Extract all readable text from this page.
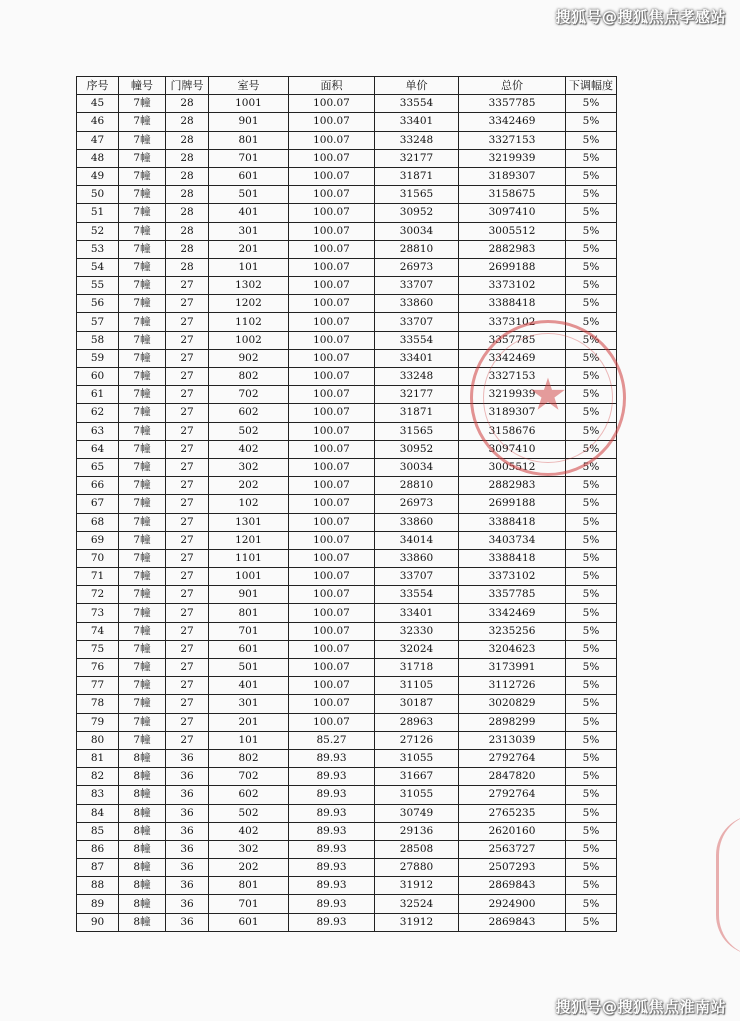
搜狐号@搜狐焦点孝感站
序号	幢号	门牌号	室号	面积	单价	总价	下调幅度
45	7幢	28	1001	100.07	33554	3357785	5%
46	7幢	28	901	100.07	33401	3342469	5%
47	7幢	28	801	100.07	33248	3327153	5%
48	7幢	28	701	100.07	32177	3219939	5%
49	7幢	28	601	100.07	31871	3189307	5%
50	7幢	28	501	100.07	31565	3158675	5%
51	7幢	28	401	100.07	30952	3097410	5%
52	7幢	28	301	100.07	30034	3005512	5%
53	7幢	28	201	100.07	28810	2882983	5%
54	7幢	28	101	100.07	26973	2699188	5%
55	7幢	27	1302	100.07	33707	3373102	5%
56	7幢	27	1202	100.07	33860	3388418	5%
57	7幢	27	1102	100.07	33707	3373102	5%
58	7幢	27	1002	100.07	33554	3357785	5%
59	7幢	27	902	100.07	33401	3342469	5%
60	7幢	27	802	100.07	33248	3327153	5%
61	7幢	27	702	100.07	32177	3219939	5%
62	7幢	27	602	100.07	31871	3189307	5%
63	7幢	27	502	100.07	31565	3158676	5%
64	7幢	27	402	100.07	30952	3097410	5%
65	7幢	27	302	100.07	30034	3005512	5%
66	7幢	27	202	100.07	28810	2882983	5%
67	7幢	27	102	100.07	26973	2699188	5%
68	7幢	27	1301	100.07	33860	3388418	5%
69	7幢	27	1201	100.07	34014	3403734	5%
70	7幢	27	1101	100.07	33860	3388418	5%
71	7幢	27	1001	100.07	33707	3373102	5%
72	7幢	27	901	100.07	33554	3357785	5%
73	7幢	27	801	100.07	33401	3342469	5%
74	7幢	27	701	100.07	32330	3235256	5%
75	7幢	27	601	100.07	32024	3204623	5%
76	7幢	27	501	100.07	31718	3173991	5%
77	7幢	27	401	100.07	31105	3112726	5%
78	7幢	27	301	100.07	30187	3020829	5%
79	7幢	27	201	100.07	28963	2898299	5%
80	7幢	27	101	85.27	27126	2313039	5%
81	8幢	36	802	89.93	31055	2792764	5%
82	8幢	36	702	89.93	31667	2847820	5%
83	8幢	36	602	89.93	31055	2792764	5%
84	8幢	36	502	89.93	30749	2765235	5%
85	8幢	36	402	89.93	29136	2620160	5%
86	8幢	36	302	89.93	28508	2563727	5%
87	8幢	36	202	89.93	27880	2507293	5%
88	8幢	36	801	89.93	31912	2869843	5%
89	8幢	36	701	89.93	32524	2924900	5%
90	8幢	36	601	89.93	31912	2869843	5%
★
搜狐号@搜狐焦点淮南站
